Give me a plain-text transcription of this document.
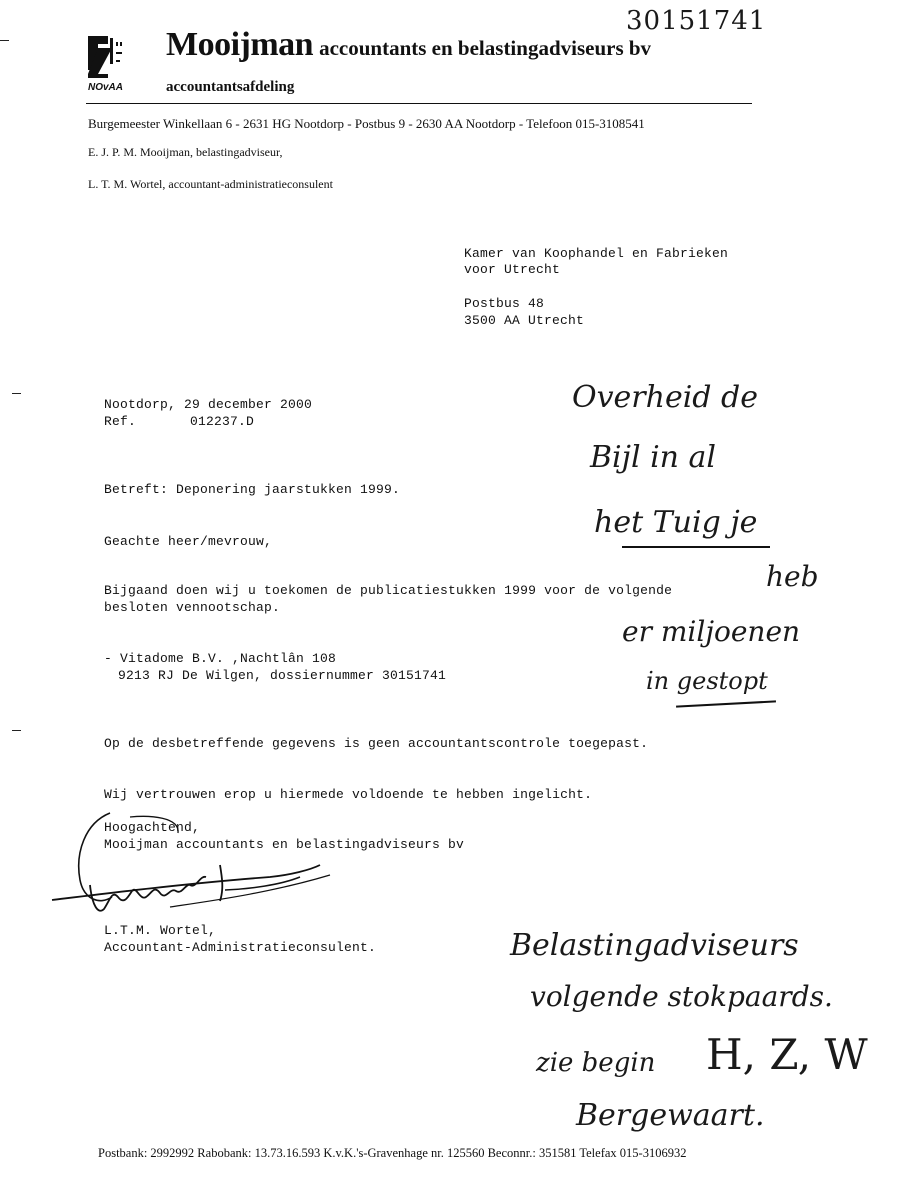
30151741
NOvAA
Mooijman accountants en belastingadviseurs bv
accountantsafdeling
Burgemeester Winkellaan 6 - 2631 HG Nootdorp - Postbus 9 - 2630 AA Nootdorp - Telefoon 015-3108541
E. J. P. M. Mooijman, belastingadviseur,
L. T. M. Wortel, accountant-administratieconsulent
Kamer van Koophandel en Fabrieken
voor Utrecht
Postbus 48
3500 AA Utrecht
Nootdorp, 29 december 2000
Ref.	012237.D
Betreft: Deponering jaarstukken 1999.
Geachte heer/mevrouw,
Bijgaand doen wij u toekomen de publicatiestukken 1999 voor de volgende
besloten vennootschap.
- Vitadome B.V. ,Nachtlân 108
9213 RJ De Wilgen, dossiernummer 30151741
Op de desbetreffende gegevens is geen accountantscontrole toegepast.
Wij vertrouwen erop u hiermede voldoende te hebben ingelicht.
Hoogachtend,
Mooijman accountants en belastingadviseurs bv
L.T.M. Wortel,
Accountant-Administratieconsulent.
Overheid de
Bijl in al
het Tuig je
heb
er miljoenen
in gestopt
Belastingadviseurs
volgende stokpaards.
zie begin H, Z, W
Bergewaart.
Postbank: 2992992 Rabobank: 13.73.16.593 K.v.K.'s-Gravenhage nr. 125560 Beconnr.: 351581 Telefax 015-3106932
